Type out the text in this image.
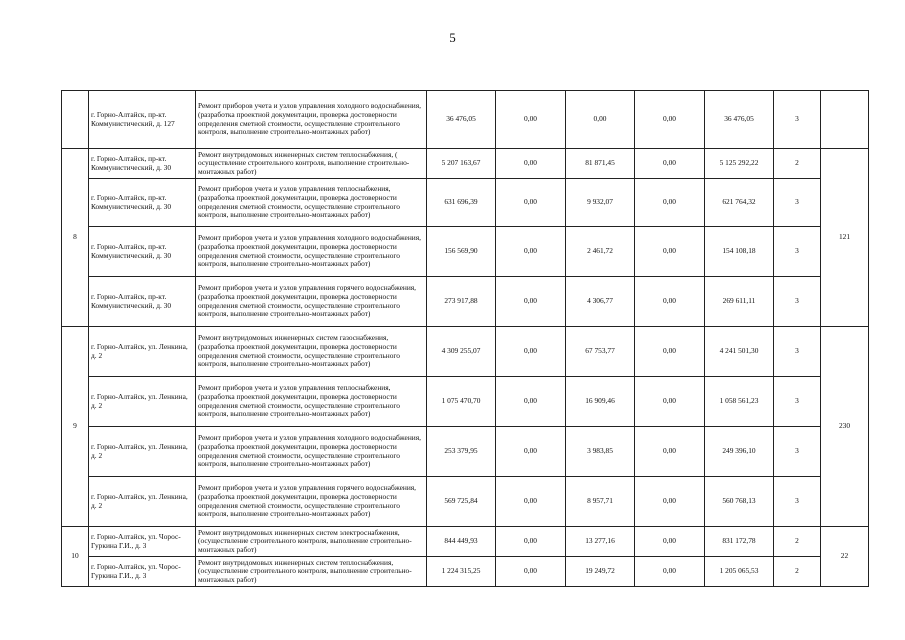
5
	г. Горно-Алтайск, пр-кт. Коммунистический, д. 127	Ремонт приборов учета и узлов управления холодного водоснабжения, (разработка проектной документации, проверка достоверности определения сметной стоимости, осуществление строительного контроля, выполнение строительно-монтажных работ)	36 476,05	0,00	0,00	0,00	36 476,05	3	
8	г. Горно-Алтайск, пр-кт. Коммунистический, д. 30	Ремонт внутридомовых инженерных систем теплоснабжения, ( осуществление строительного контроля, выполнение строительно-монтажных работ)	5 207 163,67	0,00	81 871,45	0,00	5 125 292,22	2	121
	г. Горно-Алтайск, пр-кт. Коммунистический, д. 30	Ремонт приборов учета и узлов управления теплоснабжения, (разработка проектной документации, проверка достоверности определения сметной стоимости, осуществление строительного контроля, выполнение строительно-монтажных работ)	631 696,39	0,00	9 932,07	0,00	621 764,32	3	
	г. Горно-Алтайск, пр-кт. Коммунистический, д. 30	Ремонт приборов учета и узлов управления холодного водоснабжения, (разработка проектной документации, проверка достоверности определения сметной стоимости, осуществление строительного контроля, выполнение строительно-монтажных работ)	156 569,90	0,00	2 461,72	0,00	154 108,18	3	
	г. Горно-Алтайск, пр-кт. Коммунистический, д. 30	Ремонт приборов учета и узлов управления горячего водоснабжения, (разработка проектной документации, проверка достоверности определения сметной стоимости, осуществление строительного контроля, выполнение строительно-монтажных работ)	273 917,88	0,00	4 306,77	0,00	269 611,11	3	
9	г. Горно-Алтайск, ул. Ленкина, д. 2	Ремонт внутридомовых инженерных систем газоснабжения, (разработка проектной документации, проверка достоверности определения сметной стоимости, осуществление строительного контроля, выполнение строительно-монтажных работ)	4 309 255,07	0,00	67 753,77	0,00	4 241 501,30	3	230
	г. Горно-Алтайск, ул. Ленкина, д. 2	Ремонт приборов учета и узлов управления теплоснабжения, (разработка проектной документации, проверка достоверности определения сметной стоимости, осуществление строительного контроля, выполнение строительно-монтажных работ)	1 075 470,70	0,00	16 909,46	0,00	1 058 561,23	3	
	г. Горно-Алтайск, ул. Ленкина, д. 2	Ремонт приборов учета и узлов управления холодного водоснабжения, (разработка проектной документации, проверка достоверности определения сметной стоимости, осуществление строительного контроля, выполнение строительно-монтажных работ)	253 379,95	0,00	3 983,85	0,00	249 396,10	3	
	г. Горно-Алтайск, ул. Ленкина, д. 2	Ремонт приборов учета и узлов управления горячего водоснабжения, (разработка проектной документации, проверка достоверности определения сметной стоимости, осуществление строительного контроля, выполнение строительно-монтажных работ)	569 725,84	0,00	8 957,71	0,00	560 768,13	3	
10	г. Горно-Алтайск, ул. Чорос-Гуркина Г.И., д. 3	Ремонт внутридомовых инженерных систем электроснабжения, (осуществление строительного контроля, выполнение строительно-монтажных работ)	844 449,93	0,00	13 277,16	0,00	831 172,78	2	22
	г. Горно-Алтайск, ул. Чорос-Гуркина Г.И., д. 3	Ремонт внутридомовых инженерных систем теплоснабжения, (осуществление строительного контроля, выполнение строительно-монтажных работ)	1 224 315,25	0,00	19 249,72	0,00	1 205 065,53	2	
